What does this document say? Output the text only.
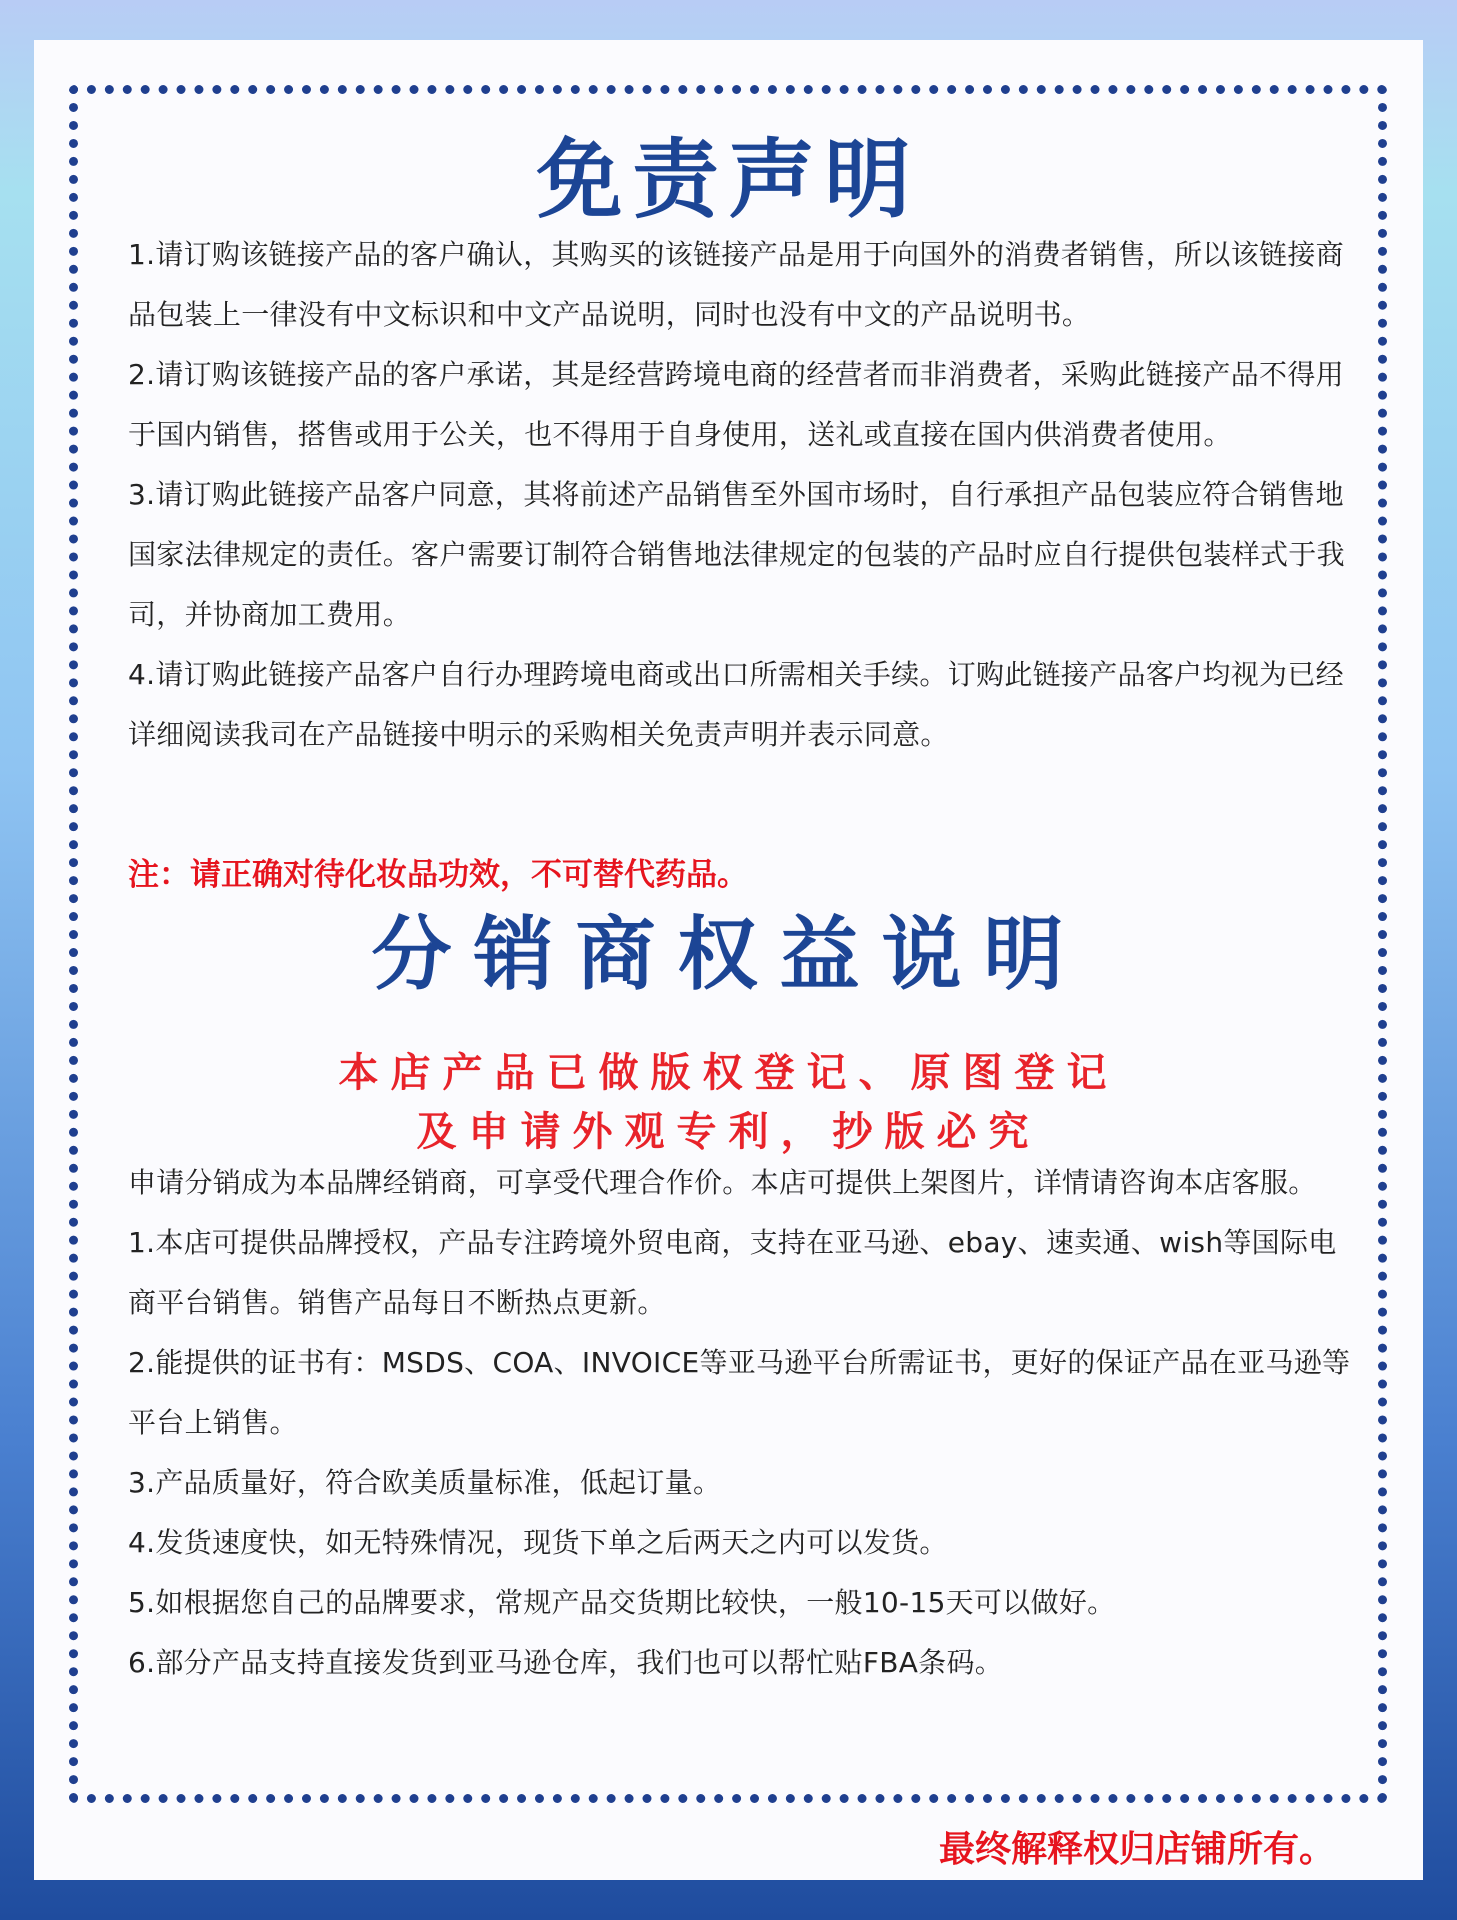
免责声明

1.请订购该链接产品的客户确认，其购买的该链接产品是用于向国外的消费者销售，所以该链接商品包装上一律没有中文标识和中文产品说明，同时也没有中文的产品说明书。

2.请订购该链接产品的客户承诺，其是经营跨境电商的经营者而非消费者，采购此链接产品不得用于国内销售，搭售或用于公关，也不得用于自身使用，送礼或直接在国内供消费者使用。

3.请订购此链接产品客户同意，其将前述产品销售至外国市场时，自行承担产品包装应符合销售地国家法律规定的责任。客户需要订制符合销售地法律规定的包装的产品时应自行提供包装样式于我司，并协商加工费用。

4.请订购此链接产品客户自行办理跨境电商或出口所需相关手续。订购此链接产品客户均视为已经详细阅读我司在产品链接中明示的采购相关免责声明并表示同意。

注：请正确对待化妆品功效，不可替代药品。

分销商权益说明

本店产品已做版权登记、原图登记

及申请外观专利，抄版必究

申请分销成为本品牌经销商，可享受代理合作价。本店可提供上架图片，详情请咨询本店客服。

1.本店可提供品牌授权，产品专注跨境外贸电商，支持在亚马逊、ebay、速卖通、wish等国际电商平台销售。销售产品每日不断热点更新。

2.能提供的证书有：MSDS、COA、INVOICE等亚马逊平台所需证书，更好的保证产品在亚马逊等平台上销售。

3.产品质量好，符合欧美质量标准，低起订量。

4.发货速度快，如无特殊情况，现货下单之后两天之内可以发货。

5.如根据您自己的品牌要求，常规产品交货期比较快，一般10-15天可以做好。

6.部分产品支持直接发货到亚马逊仓库，我们也可以帮忙贴FBA条码。

最终解释权归店铺所有。
